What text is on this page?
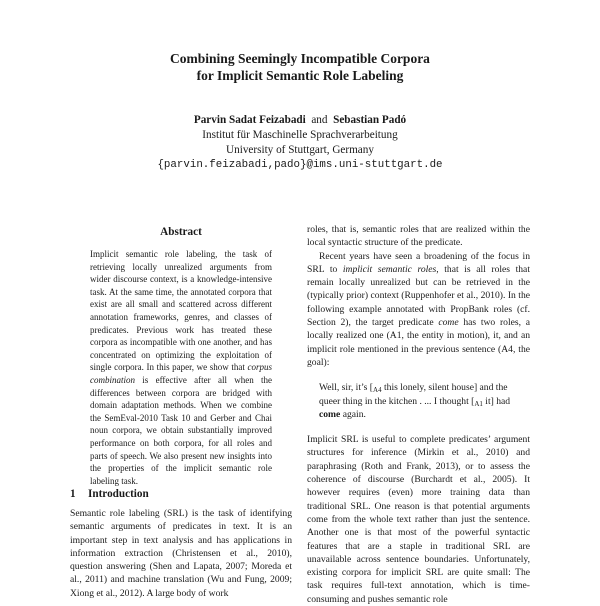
Combining Seemingly Incompatible Corpora
for Implicit Semantic Role Labeling
Parvin Sadat Feizabadi and Sebastian Padó
Institut für Maschinelle Sprachverarbeitung
University of Stuttgart, Germany
{parvin.feizabadi,pado}@ims.uni-stuttgart.de
Abstract

Implicit semantic role labeling, the task of retrieving locally unrealized arguments from wider discourse context, is a knowledge-intensive task. At the same time, the annotated corpora that exist are all small and scattered across different annotation frameworks, genres, and classes of predicates. Previous work has treated these corpora as incompatible with one another, and has concentrated on optimizing the exploitation of single corpora. In this paper, we show that corpus combination is effective after all when the differences between corpora are bridged with domain adaptation methods. When we combine the SemEval-2010 Task 10 and Gerber and Chai noun corpora, we obtain substantially improved performance on both corpora, for all roles and parts of speech. We also present new insights into the properties of the implicit semantic role labeling task.

1 Introduction

Semantic role labeling (SRL) is the task of identifying semantic arguments of predicates in text. It is an important step in text analysis and has applications in information extraction (Christensen et al., 2010), question answering (Shen and Lapata, 2007; Moreda et al., 2011) and machine translation (Wu and Fung, 2009; Xiong et al., 2012). A large body of work

roles, that is, semantic roles that are realized within the local syntactic structure of the predicate.

Recent years have seen a broadening of the focus in SRL to implicit semantic roles, that is all roles that remain locally unrealized but can be retrieved in the (typically prior) context (Ruppenhofer et al., 2010). In the following example annotated with PropBank roles (cf. Section 2), the target predicate come has two roles, a locally realized one (A1, the entity in motion), it, and an implicit role mentioned in the previous sentence (A4, the goal):

Well, sir, it’s [$_{A4}$ this lonely, silent house] and the queer thing in the kitchen . ... I thought [$_{A1}$ it] had come again.

Implicit SRL is useful to complete predicates’ argument structures for inference (Mirkin et al., 2010) and paraphrasing (Roth and Frank, 2013), or to assess the coherence of discourse (Burchardt et al., 2005). It however requires (even) more training data than traditional SRL. One reason is that potential arguments come from the whole text rather than just the sentence. Another one is that most of the powerful syntactic features that are a staple in traditional SRL are unavailable across sentence boundaries. Unfortunately, existing corpora for implicit SRL are quite small: The task requires full-text annotation, which is time-consuming and pushes semantic role
